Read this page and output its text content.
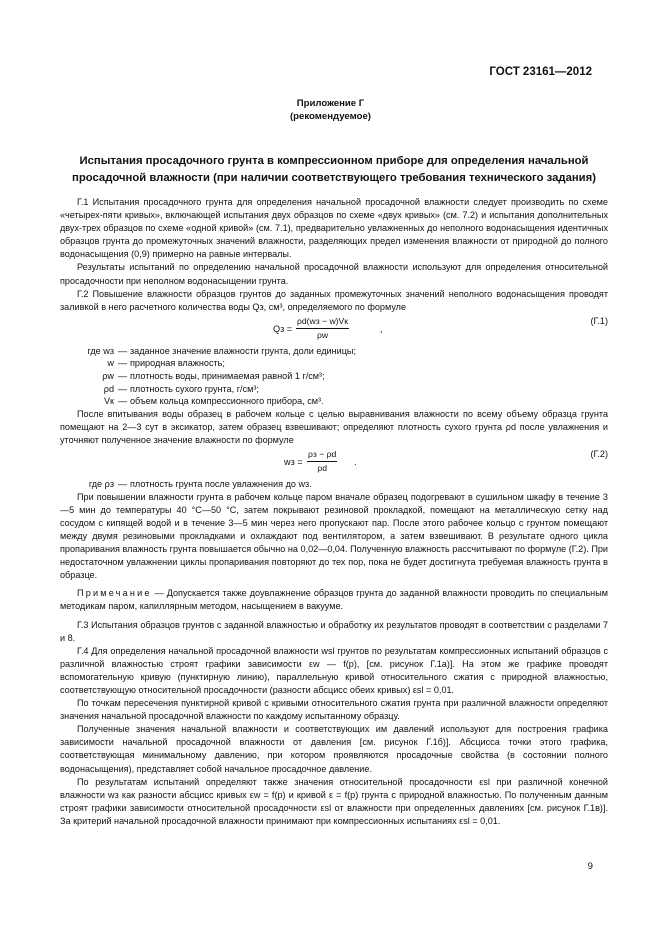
ГОСТ 23161—2012
Приложение Г
(рекомендуемое)
Испытания просадочного грунта в компрессионном приборе для определения начальной просадочной влажности (при наличии соответствующего требования технического задания)

Г.1 Испытания просадочного грунта для определения начальной просадочной влажности следует производить по схеме «четырех-пяти кривых», включающей испытания двух образцов по схеме «двух кривых» (см. 7.2) и испытания дополнительных двух-трех образцов по схеме «одной кривой» (см. 7.1), предварительно увлажненных до неполного водонасыщения идентичных образцов грунта до промежуточных значений влажности, разделяющих предел изменения влажности от природной до полного водонасыщения (0,9) примерно на равные интервалы.

Результаты испытаний по определению начальной просадочной влажности используют для определения относительной просадочности при неполном водонасыщении грунта.

Г.2 Повышение влажности образцов грунтов до заданных промежуточных значений неполного водонасыщения проводят заливкой в него расчетного количества воды Qз, см³, определяемого по формуле

Qз =
ρd(wз − w)Vк
ρw
,
(Г.1)
где wз — заданное значение влажности грунта, доли единицы;
w — природная влажность;
ρw — плотность воды, принимаемая равной 1 г/см³;
ρd — плотность сухого грунта, г/см³;
Vк — объем кольца компрессионного прибора, см³.

После впитывания воды образец в рабочем кольце с целью выравнивания влажности по всему объему образца грунта помещают на 2—3 сут в эксикатор, затем образец взвешивают; определяют плотность сухого грунта ρd после увлажнения и уточняют полученное значение влажности по формуле

wз =
ρз − ρd
ρd
.
(Г.2)
где ρз — плотность грунта после увлажнения до wз.

При повышении влажности грунта в рабочем кольце паром вначале образец подогревают в сушильном шкафу в течение 3—5 мин до температуры 40 °С—50 °С, затем покрывают резиновой прокладкой, помещают на металлическую сетку над сосудом с кипящей водой и в течение 3—5 мин через него пропускают пар. После этого рабочее кольцо с грунтом помещают между двумя резиновыми прокладками и охлаждают под вентилятором, а затем взвешивают. В результате одного цикла пропаривания влажность грунта повышается обычно на 0,02—0,04. Полученную влажность рассчитывают по формуле (Г.2). При недостаточном увлажнении циклы пропаривания повторяют до тех пор, пока не будет достигнута требуемая влажность грунта в образце.

Примечание — Допускается также доувлажнение образцов грунта до заданной влажности проводить по специальным методикам паром, капиллярным методом, насыщением в вакууме.

Г.3 Испытания образцов грунтов с заданной влажностью и обработку их результатов проводят в соответствии с разделами 7 и 8.

Г.4 Для определения начальной просадочной влажности wsl грунтов по результатам компрессионных испытаний образцов с различной влажностью строят графики зависимости εw — f(p), [см. рисунок Г.1а)]. На этом же графике проводят вспомогательную кривую (пунктирную линию), параллельную кривой относительного сжатия с природной влажностью, соответствующую относительной просадочности (разности абсцисс обеих кривых) εsl = 0,01.

По точкам пересечения пунктирной кривой с кривыми относительного сжатия грунта при различной влажности определяют значения начальной просадочной влажности по каждому испытанному образцу.

Полученные значения начальной влажности и соответствующих им давлений используют для построения графика зависимости начальной просадочной влажности от давления [см. рисунок Г.1б)]. Абсцисса точки этого графика, соответствующая минимальному давлению, при котором проявляются просадочные свойства (в состоянии полного водонасыщения), представляет собой начальное просадочное давление.

По результатам испытаний определяют также значения относительной просадочности εsl при различной конечной влажности wз как разности абсцисс кривых εw = f(p) и кривой ε = f(p) грунта с природной влажностью. По полученным данным строят графики зависимости относительной просадочности εsl от влажности при определенных давлениях [см. рисунок Г.1в)]. За критерий начальной просадочной влажности принимают при компрессионных испытаниях εsl = 0,01.

9
